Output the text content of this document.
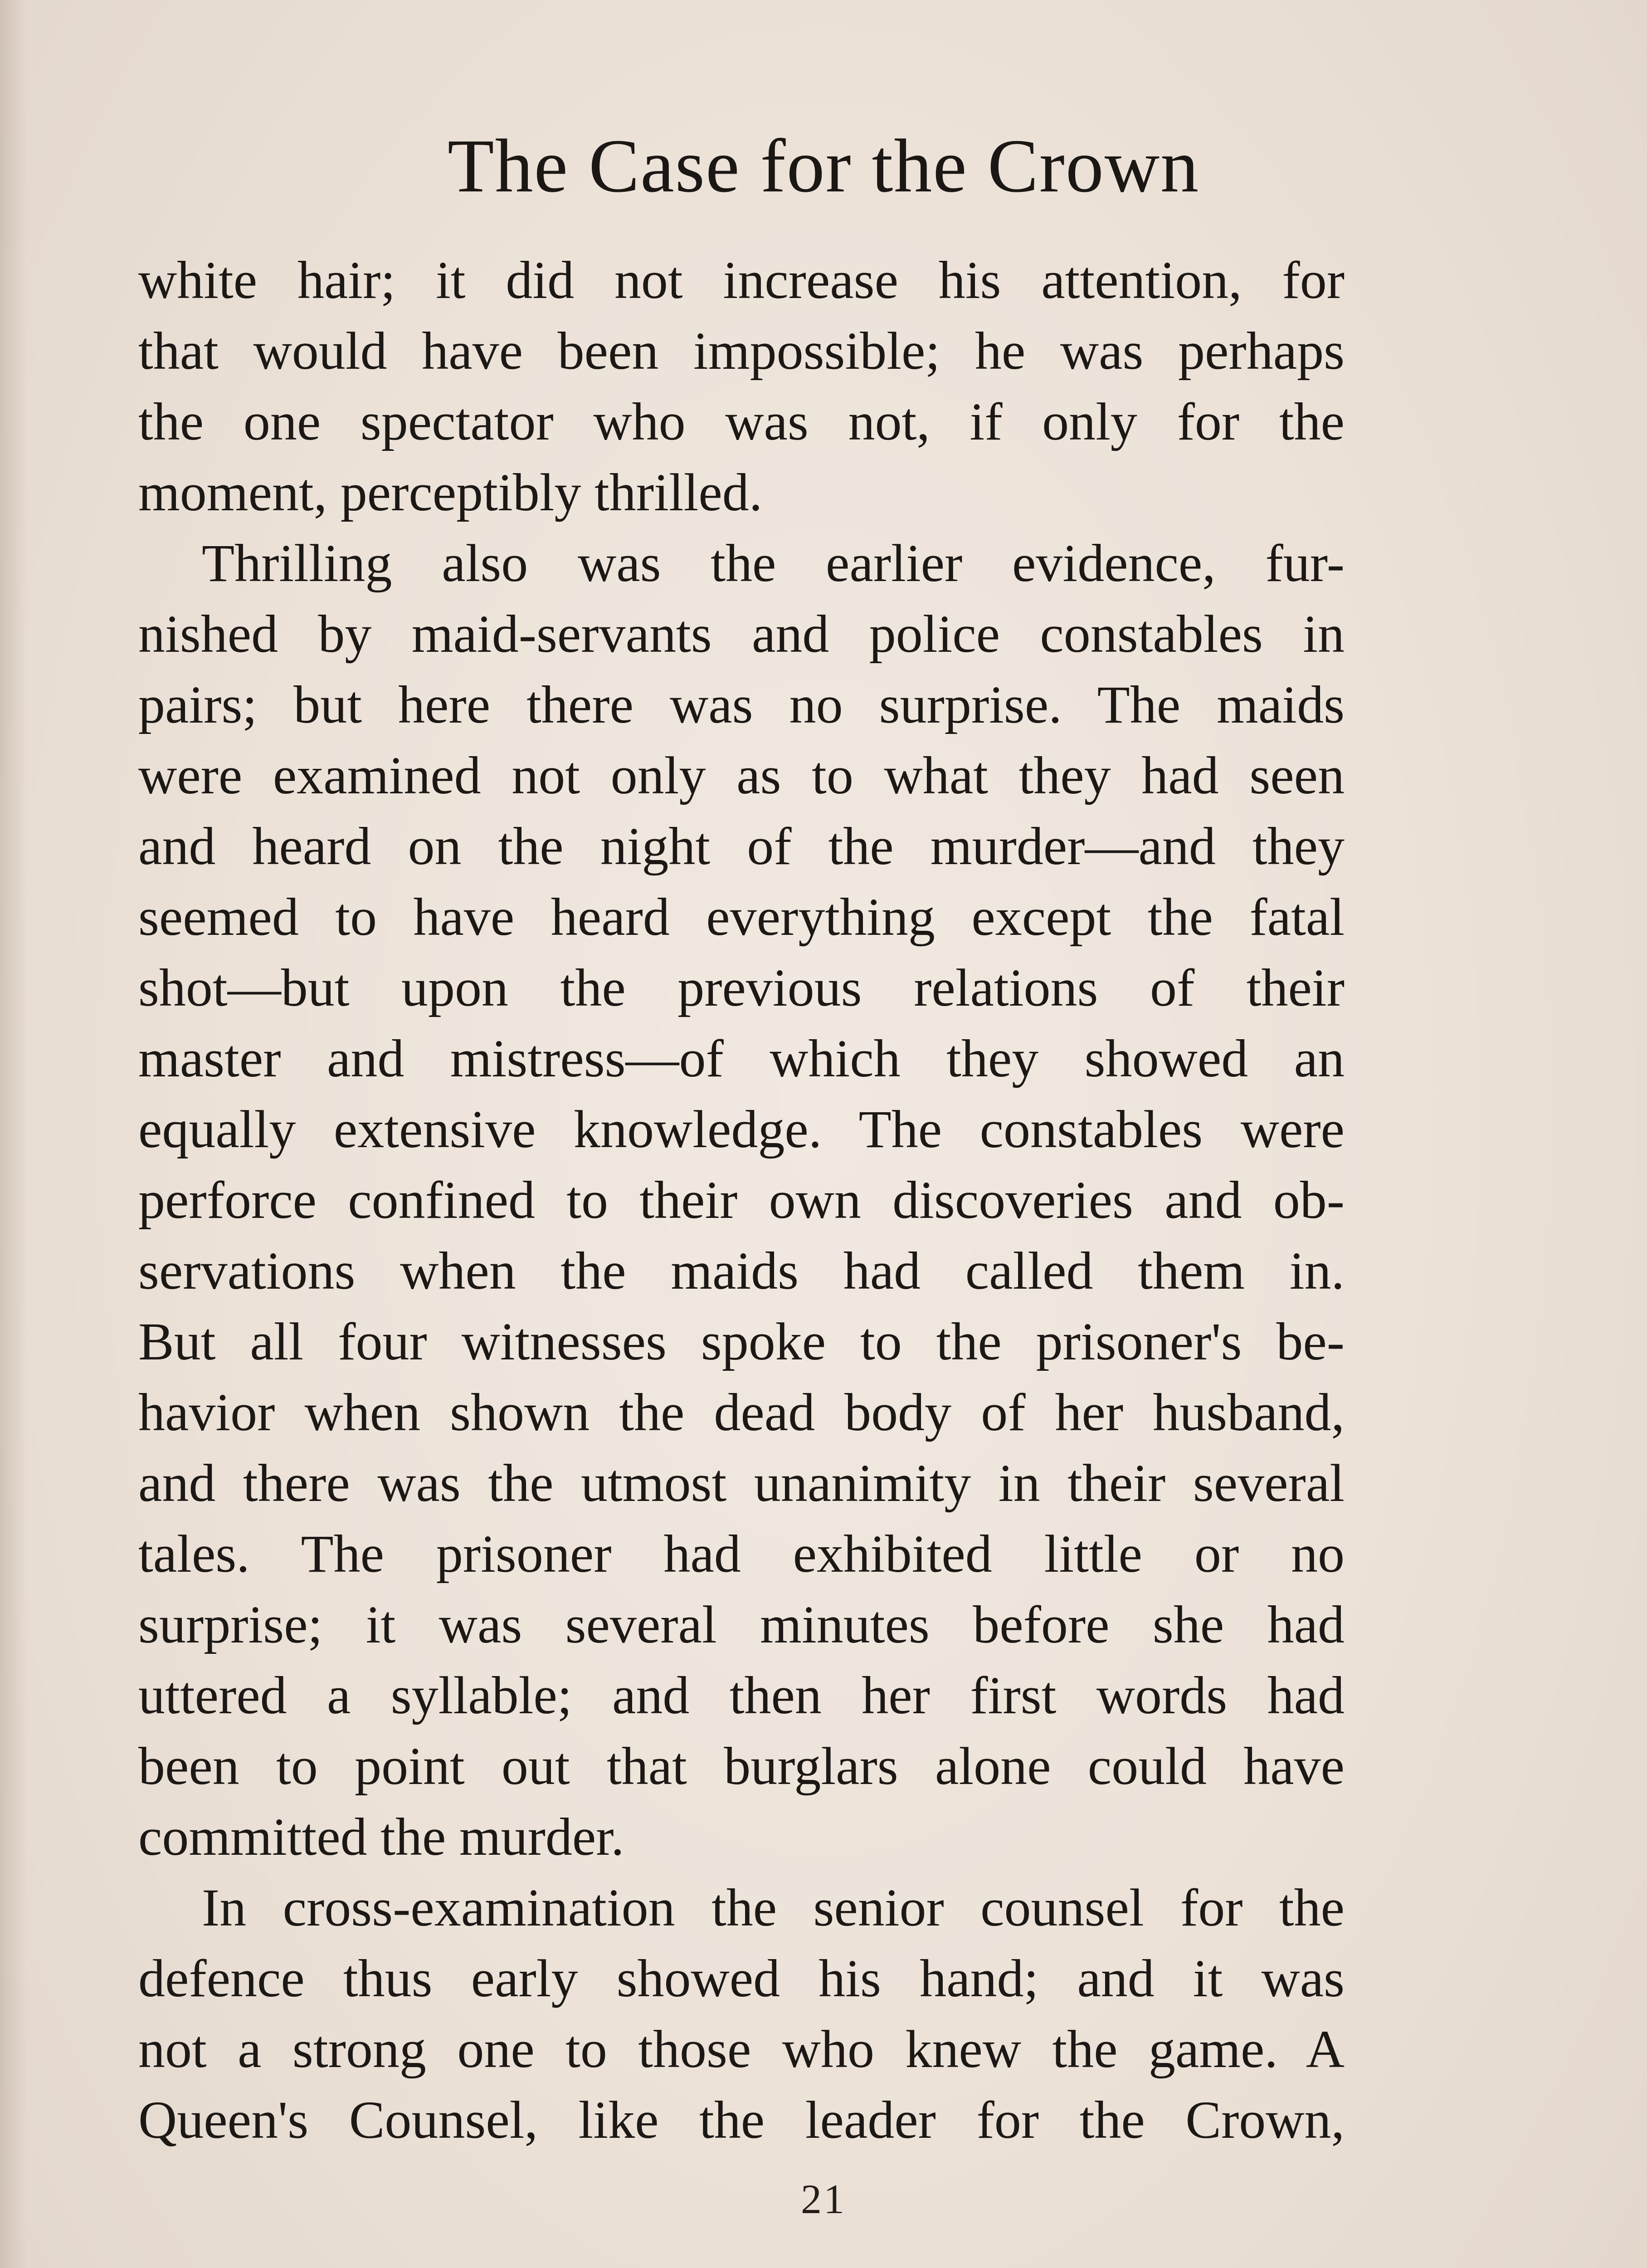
The Case for the Crown

white hair; it did not increase his attention, for
that would have been impossible; he was perhaps
the one spectator who was not, if only for the
moment, perceptibly thrilled.

Thrilling also was the earlier evidence, fur-
nished by maid-servants and police constables in
pairs; but here there was no surprise. The maids
were examined not only as to what they had seen
and heard on the night of the murder—and they
seemed to have heard everything except the fatal
shot—but upon the previous relations of their
master and mistress—of which they showed an
equally extensive knowledge. The constables were
perforce confined to their own discoveries and ob-
servations when the maids had called them in.
But all four witnesses spoke to the prisoner's be-
havior when shown the dead body of her husband,
and there was the utmost unanimity in their several
tales. The prisoner had exhibited little or no
surprise; it was several minutes before she had
uttered a syllable; and then her first words had
been to point out that burglars alone could have
committed the murder.

In cross-examination the senior counsel for the
defence thus early showed his hand; and it was
not a strong one to those who knew the game. A
Queen's Counsel, like the leader for the Crown,

21
